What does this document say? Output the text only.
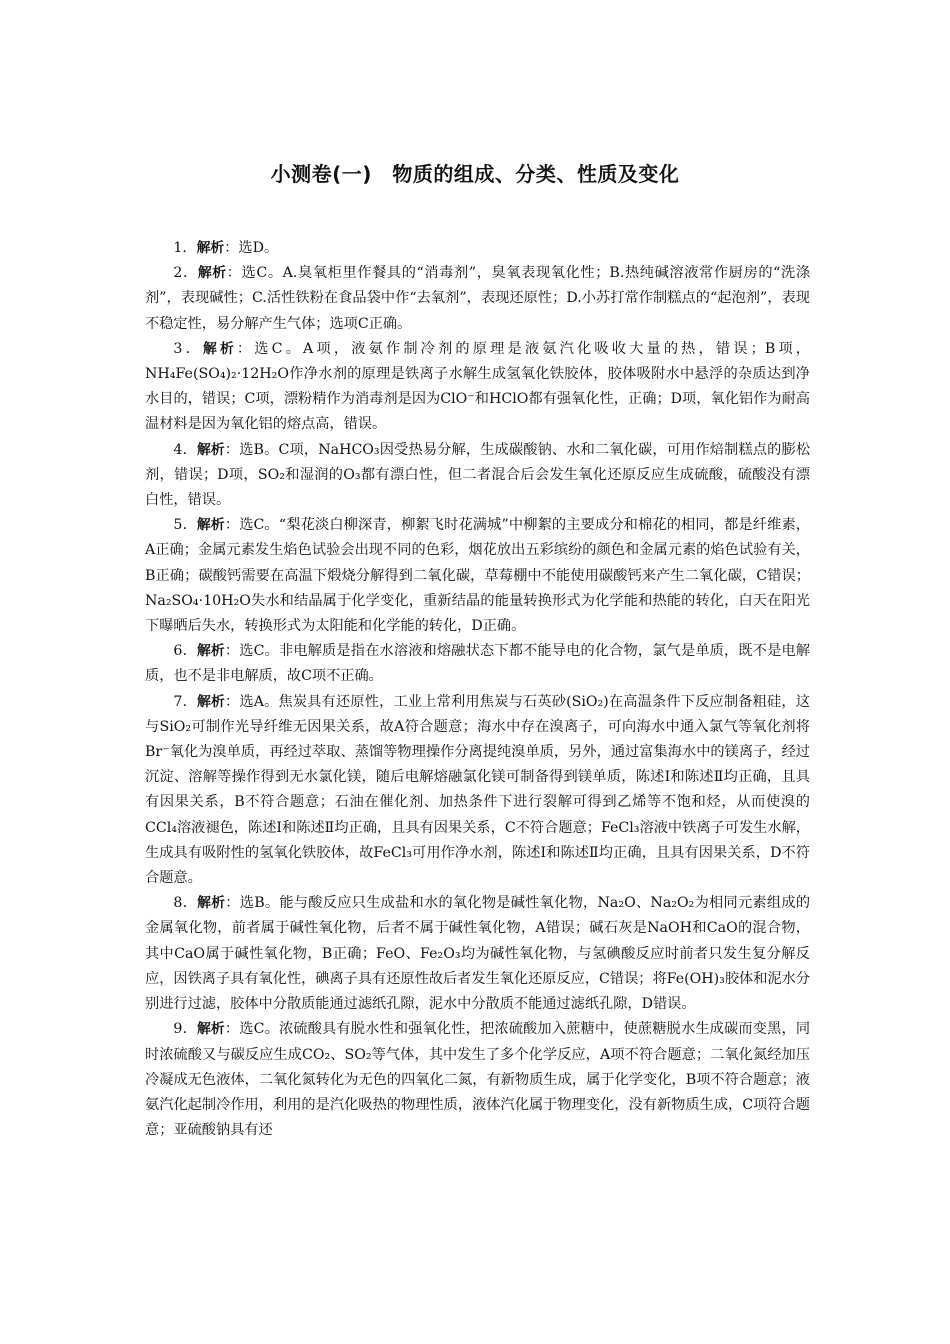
小测卷(一)　物质的组成、分类、性质及变化

1．解析：选D。

2．解析：选C。A.臭氧柜里作餐具的“消毒剂”，臭氧表现氧化性；B.热纯碱溶液常作厨房的“洗涤剂”，表现碱性；C.活性铁粉在食品袋中作“去氧剂”，表现还原性；D.小苏打常作制糕点的“起泡剂”，表现不稳定性，易分解产生气体；选项C正确。

3．解析：选C。A项，液氨作制冷剂的原理是液氨汽化吸收大量的热，错误；B项，NH₄Fe(SO₄)₂·12H₂O作净水剂的原理是铁离子水解生成氢氧化铁胶体，胶体吸附水中悬浮的杂质达到净水目的，错误；C项，漂粉精作为消毒剂是因为ClO⁻和HClO都有强氧化性，正确；D项，氧化铝作为耐高温材料是因为氧化铝的熔点高，错误。

4．解析：选B。C项，NaHCO₃因受热易分解，生成碳酸钠、水和二氧化碳，可用作焙制糕点的膨松剂，错误；D项，SO₂和湿润的O₃都有漂白性，但二者混合后会发生氧化还原反应生成硫酸，硫酸没有漂白性，错误。

5．解析：选C。“梨花淡白柳深青，柳絮飞时花满城”中柳絮的主要成分和棉花的相同，都是纤维素，A正确；金属元素发生焰色试验会出现不同的色彩，烟花放出五彩缤纷的颜色和金属元素的焰色试验有关，B正确；碳酸钙需要在高温下煅烧分解得到二氧化碳，草莓棚中不能使用碳酸钙来产生二氧化碳，C错误；Na₂SO₄·10H₂O失水和结晶属于化学变化，重新结晶的能量转换形式为化学能和热能的转化，白天在阳光下曝晒后失水，转换形式为太阳能和化学能的转化，D正确。

6．解析：选C。非电解质是指在水溶液和熔融状态下都不能导电的化合物，氯气是单质，既不是电解质，也不是非电解质，故C项不正确。

7．解析：选A。焦炭具有还原性，工业上常利用焦炭与石英砂(SiO₂)在高温条件下反应制备粗硅，这与SiO₂可制作光导纤维无因果关系，故A符合题意；海水中存在溴离子，可向海水中通入氯气等氧化剂将Br⁻氧化为溴单质，再经过萃取、蒸馏等物理操作分离提纯溴单质，另外，通过富集海水中的镁离子，经过沉淀、溶解等操作得到无水氯化镁，随后电解熔融氯化镁可制备得到镁单质，陈述Ⅰ和陈述Ⅱ均正确，且具有因果关系，B不符合题意；石油在催化剂、加热条件下进行裂解可得到乙烯等不饱和烃，从而使溴的CCl₄溶液褪色，陈述Ⅰ和陈述Ⅱ均正确，且具有因果关系，C不符合题意；FeCl₃溶液中铁离子可发生水解，生成具有吸附性的氢氧化铁胶体，故FeCl₃可用作净水剂，陈述Ⅰ和陈述Ⅱ均正确，且具有因果关系，D不符合题意。

8．解析：选B。能与酸反应只生成盐和水的氧化物是碱性氧化物，Na₂O、Na₂O₂为相同元素组成的金属氧化物，前者属于碱性氧化物，后者不属于碱性氧化物，A错误；碱石灰是NaOH和CaO的混合物，其中CaO属于碱性氧化物，B正确；FeO、Fe₂O₃均为碱性氧化物，与氢碘酸反应时前者只发生复分解反应，因铁离子具有氧化性，碘离子具有还原性故后者发生氧化还原反应，C错误；将Fe(OH)₃胶体和泥水分别进行过滤，胶体中分散质能通过滤纸孔隙，泥水中分散质不能通过滤纸孔隙，D错误。

9．解析：选C。浓硫酸具有脱水性和强氧化性，把浓硫酸加入蔗糖中，使蔗糖脱水生成碳而变黑，同时浓硫酸又与碳反应生成CO₂、SO₂等气体，其中发生了多个化学反应，A项不符合题意；二氧化氮经加压冷凝成无色液体，二氧化氮转化为无色的四氧化二氮，有新物质生成，属于化学变化，B项不符合题意；液氨汽化起制冷作用，利用的是汽化吸热的物理性质，液体汽化属于物理变化，没有新物质生成，C项符合题意；亚硫酸钠具有还
